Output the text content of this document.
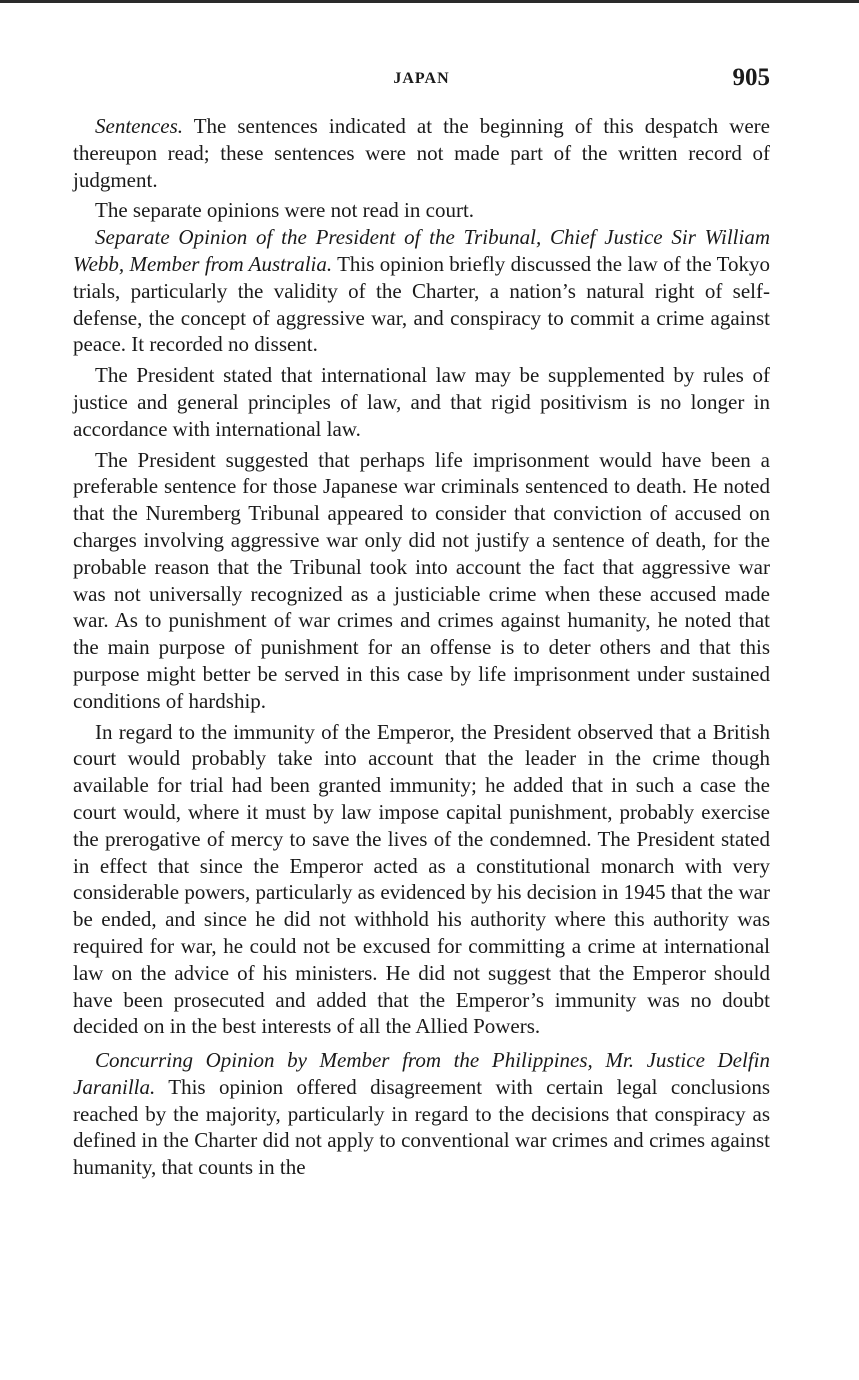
JAPAN	905

Sentences. The sentences indicated at the beginning of this despatch were thereupon read; these sentences were not made part of the written record of judgment.

The separate opinions were not read in court.

Separate Opinion of the President of the Tribunal, Chief Justice Sir William Webb, Member from Australia. This opinion briefly discussed the law of the Tokyo trials, particularly the validity of the Charter, a nation’s natural right of self-defense, the concept of aggressive war, and conspiracy to commit a crime against peace. It recorded no dissent.

The President stated that international law may be supplemented by rules of justice and general principles of law, and that rigid positivism is no longer in accordance with international law.

The President suggested that perhaps life imprisonment would have been a preferable sentence for those Japanese war criminals sentenced to death. He noted that the Nuremberg Tribunal appeared to consider that conviction of accused on charges involving aggressive war only did not justify a sentence of death, for the probable reason that the Tribunal took into account the fact that aggressive war was not universally recognized as a justiciable crime when these accused made war. As to punishment of war crimes and crimes against humanity, he noted that the main purpose of punishment for an offense is to deter others and that this purpose might better be served in this case by life imprisonment under sustained conditions of hardship.

In regard to the immunity of the Emperor, the President observed that a British court would probably take into account that the leader in the crime though available for trial had been granted immunity; he added that in such a case the court would, where it must by law impose capital punishment, probably exercise the prerogative of mercy to save the lives of the condemned. The President stated in effect that since the Emperor acted as a constitutional monarch with very considerable powers, particularly as evidenced by his decision in 1945 that the war be ended, and since he did not withhold his authority where this authority was required for war, he could not be excused for committing a crime at international law on the advice of his ministers. He did not suggest that the Emperor should have been prosecuted and added that the Emperor’s immunity was no doubt decided on in the best interests of all the Allied Powers.

Concurring Opinion by Member from the Philippines, Mr. Justice Delfin Jaranilla. This opinion offered disagreement with certain legal conclusions reached by the majority, particularly in regard to the decisions that conspiracy as defined in the Charter did not apply to conventional war crimes and crimes against humanity, that counts in the
